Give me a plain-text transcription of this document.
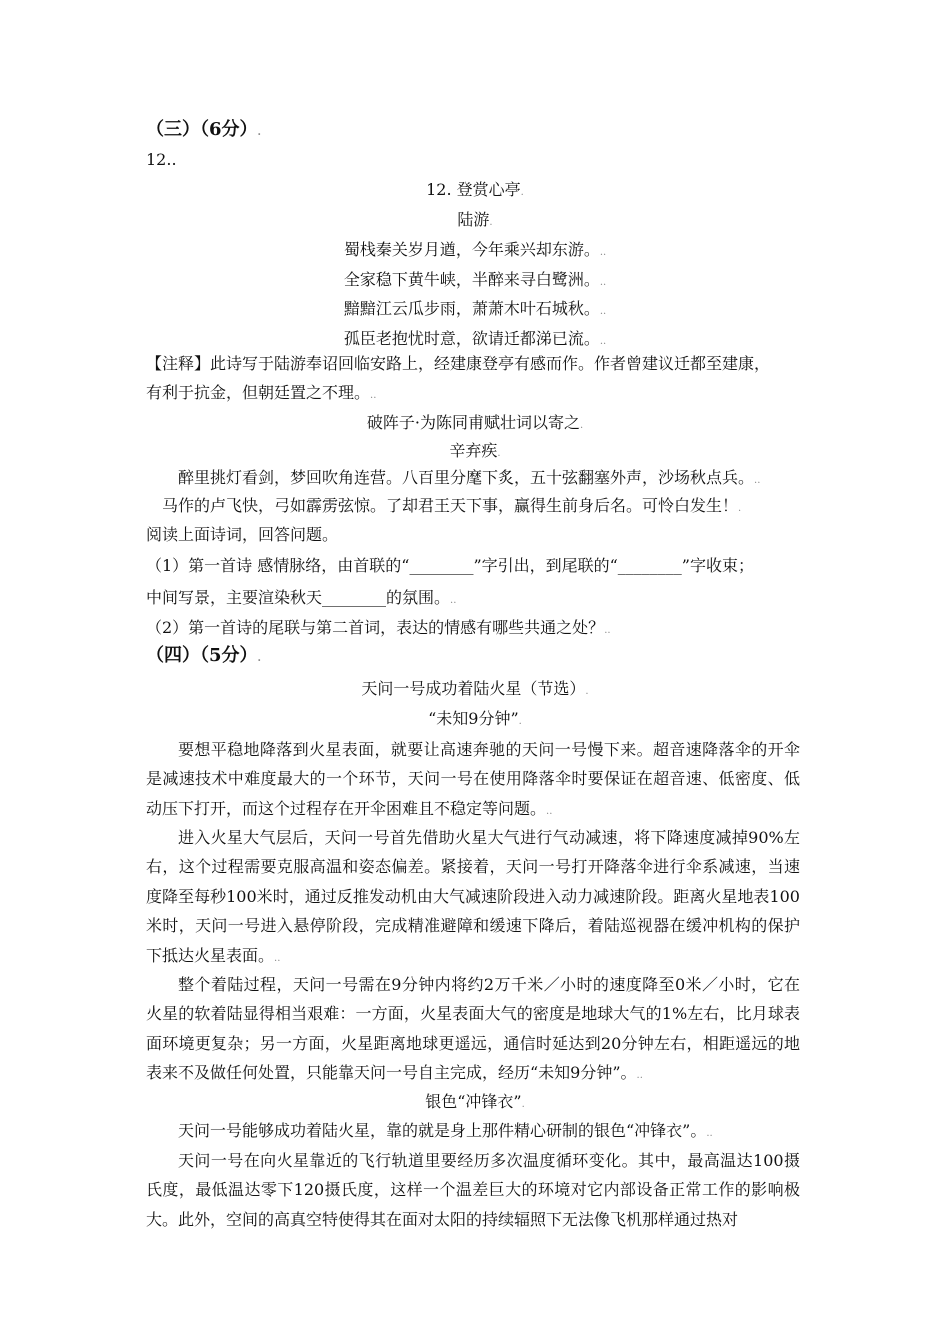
（三）（6分）.
12..
12. 登赏心亭.
陆游.
蜀栈秦关岁月遒，今年乘兴却东游。..
全家稳下黄牛峡，半醉来寻白鹭洲。..
黯黯江云瓜步雨，萧萧木叶石城秋。..
孤臣老抱忧时意，欲请迁都涕已流。..
【注释】此诗写于陆游奉诏回临安路上，经建康登亭有感而作。作者曾建议迁都至建康，
有利于抗金，但朝廷置之不理。..
破阵子·为陈同甫赋壮词以寄之.
辛弃疾.
醉里挑灯看剑，梦回吹角连营。八百里分麾下炙，五十弦翻塞外声，沙场秋点兵。..
马作的卢飞快，弓如霹雳弦惊。了却君王天下事，赢得生前身后名。可怜白发生！.
阅读上面诗词，回答问题。
（1）第一首诗 感情脉络，由首联的“________”字引出，到尾联的“________”字收束；
中间写景，主要渲染秋天________的氛围。..
（2）第一首诗的尾联与第二首词，表达的情感有哪些共通之处？..
（四）（5分）.
天问一号成功着陆火星（节选）.
“未知9分钟”.

要想平稳地降落到火星表面，就要让高速奔驰的天问一号慢下来。超音速降落伞的开伞是减速技术中难度最大的一个环节，天问一号在使用降落伞时要保证在超音速、低密度、低动压下打开，而这个过程存在开伞困难且不稳定等问题。..

进入火星大气层后，天问一号首先借助火星大气进行气动减速，将下降速度减掉90%左右，这个过程需要克服高温和姿态偏差。紧接着，天问一号打开降落伞进行伞系减速，当速度降至每秒100米时，通过反推发动机由大气减速阶段进入动力减速阶段。距离火星地表100米时，天问一号进入悬停阶段，完成精准避障和缓速下降后，着陆巡视器在缓冲机构的保护下抵达火星表面。..

整个着陆过程，天问一号需在9分钟内将约2万千米／小时的速度降至0米／小时，它在火星的软着陆显得相当艰难：一方面，火星表面大气的密度是地球大气的1%左右，比月球表面环境更复杂；另一方面，火星距离地球更遥远，通信时延达到20分钟左右，相距遥远的地表来不及做任何处置，只能靠天问一号自主完成，经历“未知9分钟”。..

银色“冲锋衣”.

天问一号能够成功着陆火星，靠的就是身上那件精心研制的银色“冲锋衣”。..

天问一号在向火星靠近的飞行轨道里要经历多次温度循环变化。其中，最高温达100摄氏度，最低温达零下120摄氏度，这样一个温差巨大的环境对它内部设备正常工作的影响极大。此外，空间的高真空特使得其在面对太阳的持续辐照下无法像飞机那样通过热对
